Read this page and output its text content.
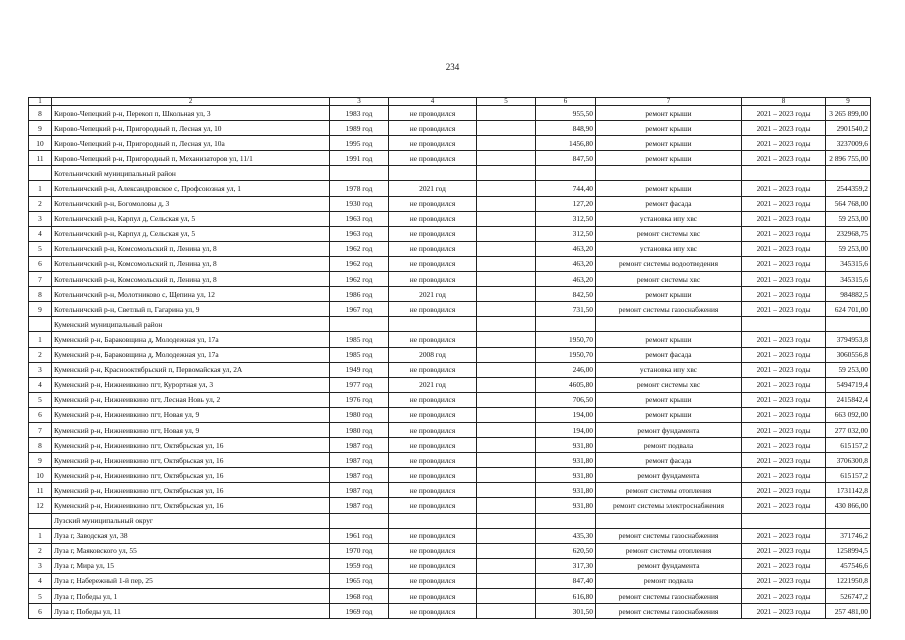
234
1	2	3	4	5	6	7	8	9
8	Кирово-Чепецкий р-н, Перекоп п, Школьная ул, 3	1983 год	не проводился		955,50	ремонт крыши	2021 – 2023 годы	3 265 899,00
9	Кирово-Чепецкий р-н, Пригородный п, Лесная ул, 10	1989 год	не проводился		848,90	ремонт крыши	2021 – 2023 годы	2901540,2
10	Кирово-Чепецкий р-н, Пригородный п, Лесная ул, 10а	1995 год	не проводился		1456,80	ремонт крыши	2021 – 2023 годы	3237009,6
11	Кирово-Чепецкий р-н, Пригородный п, Механизаторов ул, 11/1	1991 год	не проводился		847,50	ремонт крыши	2021 – 2023 годы	2 896 755,00
	Котельничский муниципальный район							
1	Котельничский р-н, Александровское с, Профсоюзная ул, 1	1978 год	2021 год		744,40	ремонт крыши	2021 – 2023 годы	2544359,2
2	Котельничский р-н, Богомоловы д, 3	1930 год	не проводился		127,20	ремонт фасада	2021 – 2023 годы	564 768,00
3	Котельничский р-н, Карпул д, Сельская ул, 5	1963 год	не проводился		312,50	установка ипу хвс	2021 – 2023 годы	59 253,00
4	Котельничский р-н, Карпул д, Сельская ул, 5	1963 год	не проводился		312,50	ремонт системы хвс	2021 – 2023 годы	232968,75
5	Котельничский р-н, Комсомольский п, Ленина ул, 8	1962 год	не проводился		463,20	установка ипу хвс	2021 – 2023 годы	59 253,00
6	Котельничский р-н, Комсомольский п, Ленина ул, 8	1962 год	не проводился		463,20	ремонт системы водоотведения	2021 – 2023 годы	345315,6
7	Котельничский р-н, Комсомольский п, Ленина ул, 8	1962 год	не проводился		463,20	ремонт системы хвс	2021 – 2023 годы	345315,6
8	Котельничский р-н, Молотниково с, Щепина ул, 12	1986 год	2021 год		842,50	ремонт крыши	2021 – 2023 годы	984882,5
9	Котельничский р-н, Светлый п, Гагарина ул, 9	1967 год	не проводился		731,50	ремонт системы газоснабжения	2021 – 2023 годы	624 701,00
	Куменский муниципальный район							
1	Куменский р-н, Бараковщина д, Молодежная ул, 17а	1985 год	не проводился		1950,70	ремонт крыши	2021 – 2023 годы	3794953,8
2	Куменский р-н, Бараковщина д, Молодежная ул, 17а	1985 год	2008 год		1950,70	ремонт фасада	2021 – 2023 годы	3060556,8
3	Куменский р-н, Краснооктябрьский п, Первомайская ул, 2А	1949 год	не проводился		246,00	установка ипу хвс	2021 – 2023 годы	59 253,00
4	Куменский р-н, Нижнеивкино пгт, Курортная ул, 3	1977 год	2021 год		4605,80	ремонт системы хвс	2021 – 2023 годы	5494719,4
5	Куменский р-н, Нижнеивкино пгт, Лесная Новь ул, 2	1976 год	не проводился		706,50	ремонт крыши	2021 – 2023 годы	2415842,4
6	Куменский р-н, Нижнеивкино пгт, Новая ул, 9	1980 год	не проводился		194,00	ремонт крыши	2021 – 2023 годы	663 092,00
7	Куменский р-н, Нижнеивкино пгт, Новая ул, 9	1980 год	не проводился		194,00	ремонт фундамента	2021 – 2023 годы	277 032,00
8	Куменский р-н, Нижнеивкино пгт, Октябрьская ул, 16	1987 год	не проводился		931,80	ремонт подвала	2021 – 2023 годы	615157,2
9	Куменский р-н, Нижнеивкино пгт, Октябрьская ул, 16	1987 год	не проводился		931,80	ремонт фасада	2021 – 2023 годы	3706300,8
10	Куменский р-н, Нижнеивкино пгт, Октябрьская ул, 16	1987 год	не проводился		931,80	ремонт фундамента	2021 – 2023 годы	615157,2
11	Куменский р-н, Нижнеивкино пгт, Октябрьская ул, 16	1987 год	не проводился		931,80	ремонт системы отопления	2021 – 2023 годы	1731142,8
12	Куменский р-н, Нижнеивкино пгт, Октябрьская ул, 16	1987 год	не проводился		931,80	ремонт системы электроснабжения	2021 – 2023 годы	430 866,00
	Лузский муниципальный округ							
1	Луза г, Заводская ул, 38	1961 год	не проводился		435,30	ремонт системы газоснабжения	2021 – 2023 годы	371746,2
2	Луза г, Маяковского ул, 55	1970 год	не проводился		620,50	ремонт системы отопления	2021 – 2023 годы	1258994,5
3	Луза г, Мира ул, 15	1959 год	не проводился		317,30	ремонт фундамента	2021 – 2023 годы	457546,6
4	Луза г, Набережный 1-й пер, 25	1965 год	не проводился		847,40	ремонт подвала	2021 – 2023 годы	1221950,8
5	Луза г, Победы ул, 1	1968 год	не проводился		616,80	ремонт системы газоснабжения	2021 – 2023 годы	526747,2
6	Луза г, Победы ул, 11	1969 год	не проводился		301,50	ремонт системы газоснабжения	2021 – 2023 годы	257 481,00
